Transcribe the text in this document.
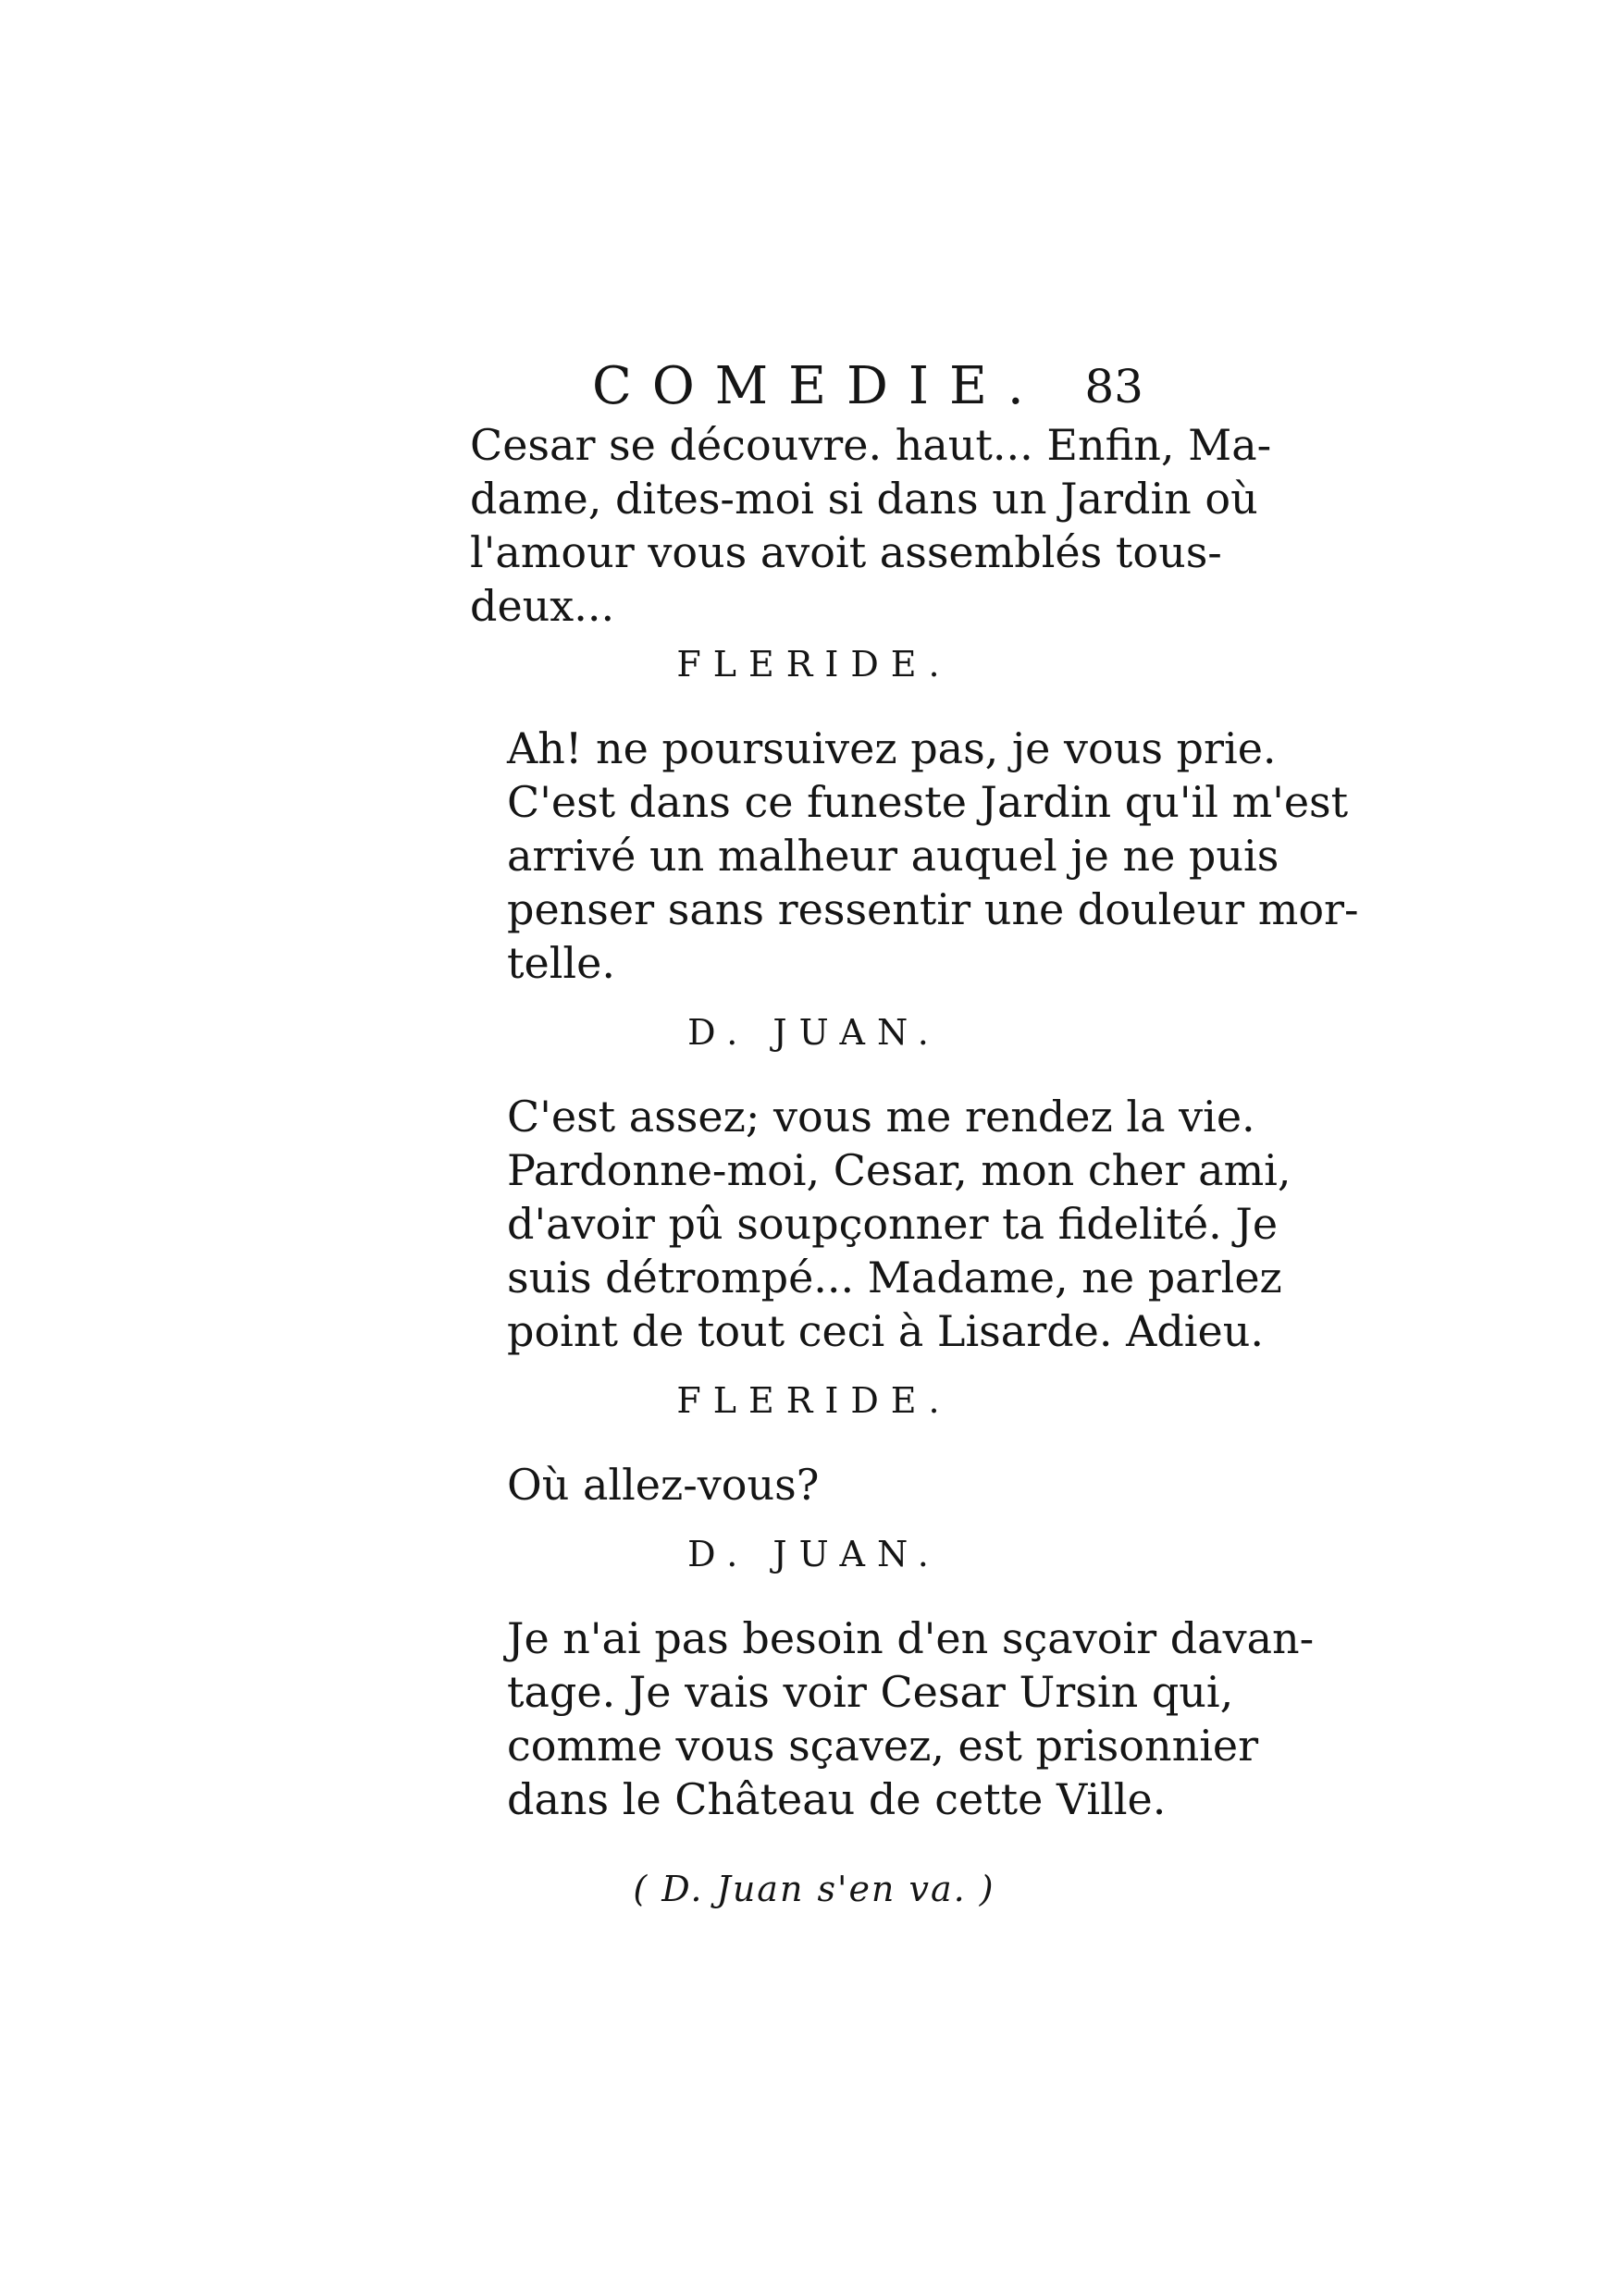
COMEDIE. 83

Cesar se découvre. haut... Enfin, Ma-
dame, dites-moi si dans un Jardin où
l'amour vous avoit assemblés tous-
deux...

FLERIDE.

Ah! ne poursuivez pas, je vous prie.
C'est dans ce funeste Jardin qu'il m'est
arrivé un malheur auquel je ne puis
penser sans ressentir une douleur mor-
telle.

D. JUAN.

C'est assez; vous me rendez la vie.
Pardonne-moi, Cesar, mon cher ami,
d'avoir pû soupçonner ta fidelité. Je
suis détrompé... Madame, ne parlez
point de tout ceci à Lisarde. Adieu.

FLERIDE.

Où allez-vous?

D. JUAN.

Je n'ai pas besoin d'en sçavoir davan-
tage. Je vais voir Cesar Ursin qui,
comme vous sçavez, est prisonnier
dans le Château de cette Ville.

( D. Juan s'en va. )
